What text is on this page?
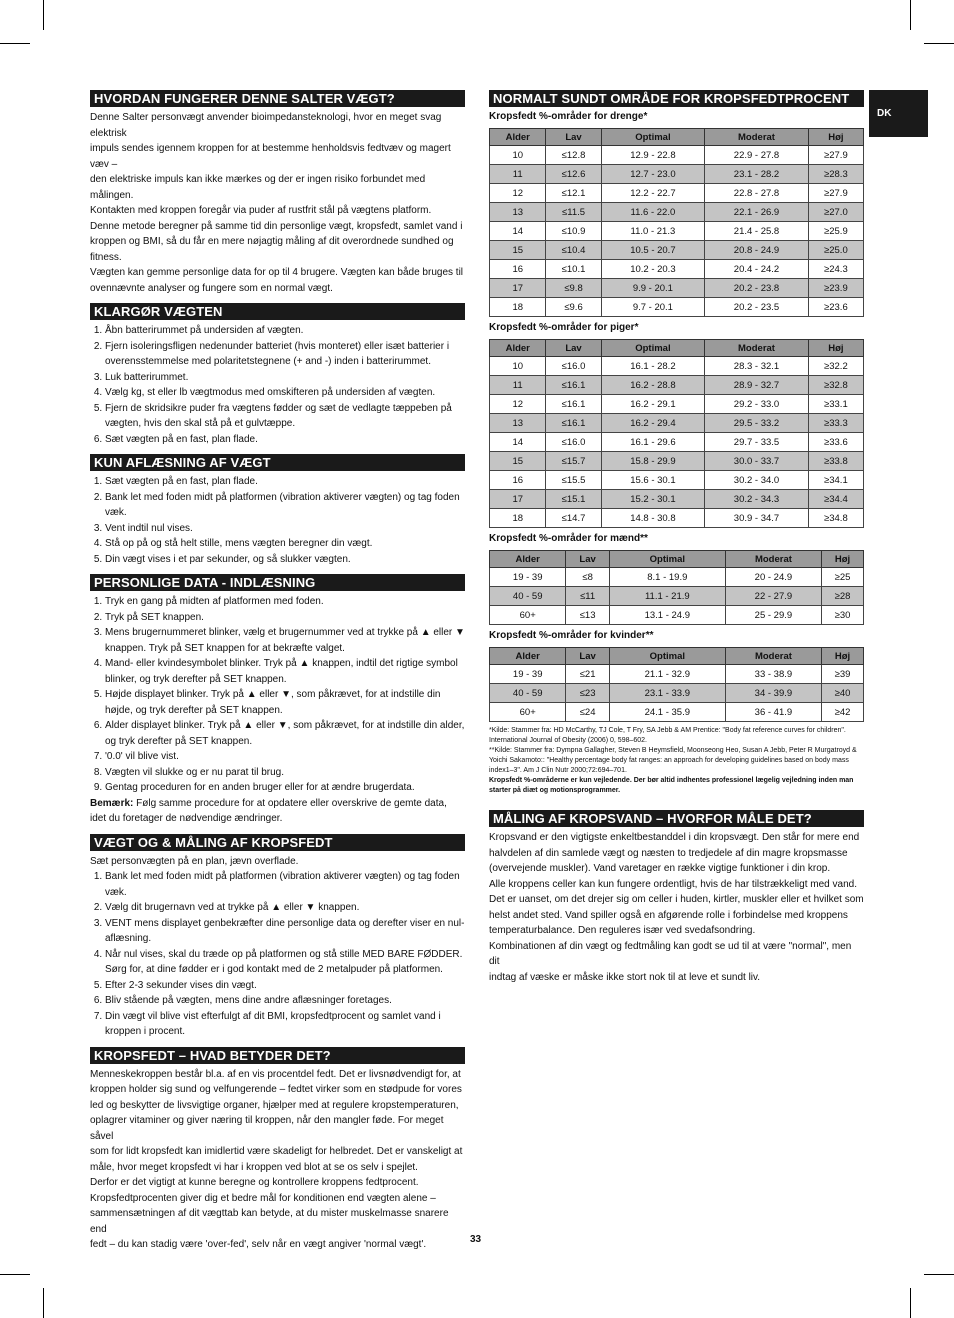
DK
HVORDAN FUNGERER DENNE SALTER VÆGT?

Denne Salter personvægt anvender bioimpedansteknologi, hvor en meget svag elektrisk

impuls sendes igennem kroppen for at bestemme henholdsvis fedtvæv og magert væv –

den elektriske impuls kan ikke mærkes og der er ingen risiko forbundet med målingen.

Kontakten med kroppen foregår via puder af rustfrit stål på vægtens platform.

Denne metode beregner på samme tid din personlige vægt, kropsfedt, samlet vand i

kroppen og BMI, så du får en mere nøjagtig måling af dit overordnede sundhed og

fitness.

Vægten kan gemme personlige data for op til 4 brugere. Vægten kan både bruges til

ovennævnte analyser og fungere som en normal vægt.

KLARGØR VÆGTEN
1. Åbn batterirummet på undersiden af vægten.
2. Fjern isoleringsfligen nedenunder batteriet (hvis monteret) eller isæt batterier i overensstemmelse med polaritetstegnene (+ and -) inden i batterirummet.
3. Luk batterirummet.
4. Vælg kg, st eller lb vægtmodus med omskifteren på undersiden af vægten.
5. Fjern de skridsikre puder fra vægtens fødder og sæt de vedlagte tæppeben på vægten, hvis den skal stå på et gulvtæppe.
6. Sæt vægten på en fast, plan flade.
KUN AFLÆSNING AF VÆGT
1. Sæt vægten på en fast, plan flade.
2. Bank let med foden midt på platformen (vibration aktiverer vægten) og tag foden væk.
3. Vent indtil nul vises.
4. Stå op på og stå helt stille, mens vægten beregner din vægt.
5. Din vægt vises i et par sekunder, og så slukker vægten.
PERSONLIGE DATA - INDLÆSNING
1. Tryk en gang på midten af platformen med foden.
2. Tryk på SET knappen.
3. Mens brugernummeret blinker, vælg et brugernummer ved at trykke på ▲ eller ▼ knappen. Tryk på SET knappen for at bekræfte valget.
4. Mand- eller kvindesymbolet blinker. Tryk på ▲ knappen, indtil det rigtige symbol blinker, og tryk derefter på SET knappen.
5. Højde displayet blinker. Tryk på ▲ eller ▼, som påkrævet, for at indstille din højde, og tryk derefter på SET knappen.
6. Alder displayet blinker. Tryk på ▲ eller ▼, som påkrævet, for at indstille din alder, og tryk derefter på SET knappen.
7. '0.0' vil blive vist.
8. Vægten vil slukke og er nu parat til brug.
9. Gentag proceduren for en anden bruger eller for at ændre brugerdata.

Bemærk: Følg samme procedure for at opdatere eller overskrive de gemte data, idet du foretager de nødvendige ændringer.

VÆGT OG & MÅLING AF KROPSFEDT

Sæt personvægten på en plan, jævn overflade.

1. Bank let med foden midt på platformen (vibration aktiverer vægten) og tag foden væk.
2. Vælg dit brugernavn ved at trykke på ▲ eller ▼ knappen.
3. VENT mens displayet genbekræfter dine personlige data og derefter viser en nul-aflæsning.
4. Når nul vises, skal du træde op på platformen og stå stille MED BARE FØDDER. Sørg for, at dine fødder er i god kontakt med de 2 metalpuder på platformen.
5. Efter 2-3 sekunder vises din vægt.
6. Bliv stående på vægten, mens dine andre aflæsninger foretages.
7. Din vægt vil blive vist efterfulgt af dit BMI, kropsfedtprocent og samlet vand i kroppen i procent.
KROPSFEDT – HVAD BETYDER DET?

Menneskekroppen består bl.a. af en vis procentdel fedt. Det er livsnødvendigt for, at

kroppen holder sig sund og velfungerende – fedtet virker som en stødpude for vores

led og beskytter de livsvigtige organer, hjælper med at regulere kropstemperaturen,

oplagrer vitaminer og giver næring til kroppen, når den mangler føde. For meget såvel

som for lidt kropsfedt kan imidlertid være skadeligt for helbredet. Det er vanskeligt at

måle, hvor meget kropsfedt vi har i kroppen ved blot at se os selv i spejlet.

Derfor er det vigtigt at kunne beregne og kontrollere kroppens fedtprocent.

Kropsfedtprocenten giver dig et bedre mål for konditionen end vægten alene –

sammensætningen af dit vægttab kan betyde, at du mister muskelmasse snarere end

fedt – du kan stadig være 'over-fed', selv når en vægt angiver 'normal vægt'.

NORMALT SUNDT OMRÅDE FOR KROPSFEDTPROCENT
Kropsfedt %-områder for drenge*
Alder	Lav	Optimal	Moderat	Høj
10	≤12.8	12.9 - 22.8	22.9 - 27.8	≥27.9
11	≤12.6	12.7 - 23.0	23.1 - 28.2	≥28.3
12	≤12.1	12.2 - 22.7	22.8 - 27.8	≥27.9
13	≤11.5	11.6 - 22.0	22.1 - 26.9	≥27.0
14	≤10.9	11.0 - 21.3	21.4 - 25.8	≥25.9
15	≤10.4	10.5 - 20.7	20.8 - 24.9	≥25.0
16	≤10.1	10.2 - 20.3	20.4 - 24.2	≥24.3
17	≤9.8	9.9 - 20.1	20.2 - 23.8	≥23.9
18	≤9.6	9.7 - 20.1	20.2 - 23.5	≥23.6
Kropsfedt %-områder for piger*
Alder	Lav	Optimal	Moderat	Høj
10	≤16.0	16.1 - 28.2	28.3 - 32.1	≥32.2
11	≤16.1	16.2 - 28.8	28.9 - 32.7	≥32.8
12	≤16.1	16.2 - 29.1	29.2 - 33.0	≥33.1
13	≤16.1	16.2 - 29.4	29.5 - 33.2	≥33.3
14	≤16.0	16.1 - 29.6	29.7 - 33.5	≥33.6
15	≤15.7	15.8 - 29.9	30.0 - 33.7	≥33.8
16	≤15.5	15.6 - 30.1	30.2 - 34.0	≥34.1
17	≤15.1	15.2 - 30.1	30.2 - 34.3	≥34.4
18	≤14.7	14.8 - 30.8	30.9 - 34.7	≥34.8
Kropsfedt %-områder for mænd**
Alder	Lav	Optimal	Moderat	Høj
19 - 39	≤8	8.1 - 19.9	20 - 24.9	≥25
40 - 59	≤11	11.1 - 21.9	22 - 27.9	≥28
60+	≤13	13.1 - 24.9	25 - 29.9	≥30
Kropsfedt %-områder for kvinder**
Alder	Lav	Optimal	Moderat	Høj
19 - 39	≤21	21.1 - 32.9	33 - 38.9	≥39
40 - 59	≤23	23.1 - 33.9	34 - 39.9	≥40
60+	≤24	24.1 - 35.9	36 - 41.9	≥42

*Kilde: Stammer fra: HD McCarthy, TJ Cole, T Fry, SA Jebb & AM Prentice: "Body fat reference curves for children". International Journal of Obesity (2006) 0, 598–602.

**Kilde: Stammer fra: Dympna Gallagher, Steven B Heymsfield, Moonseong Heo, Susan A Jebb, Peter R Murgatroyd & Yoichi Sakamoto:: "Healthy percentage body fat ranges: an approach for developing guidelines based on body mass index1–3". Am J Clin Nutr 2000;72:694–701.

Kropsfedt %-områderne er kun vejledende. Der bør altid indhentes professionel lægelig vejledning inden man starter på diæt og motionsprogrammer.

MÅLING AF KROPSVAND – HVORFOR MÅLE DET?

Kropsvand er den vigtigste enkeltbestanddel i din kropsvægt. Den står for mere end

halvdelen af din samlede vægt og næsten to tredjedele af din magre kropsmasse

(overvejende muskler). Vand varetager en række vigtige funktioner i din krop.

Alle kroppens celler kan kun fungere ordentligt, hvis de har tilstrækkeligt med vand.

Det er uanset, om det drejer sig om celler i huden, kirtler, muskler eller et hvilket som

helst andet sted. Vand spiller også en afgørende rolle i forbindelse med kroppens

temperaturbalance. Den reguleres især ved svedafsondring.

Kombinationen af din vægt og fedtmåling kan godt se ud til at være "normal", men dit

indtag af væske er måske ikke stort nok til at leve et sundt liv.

33
